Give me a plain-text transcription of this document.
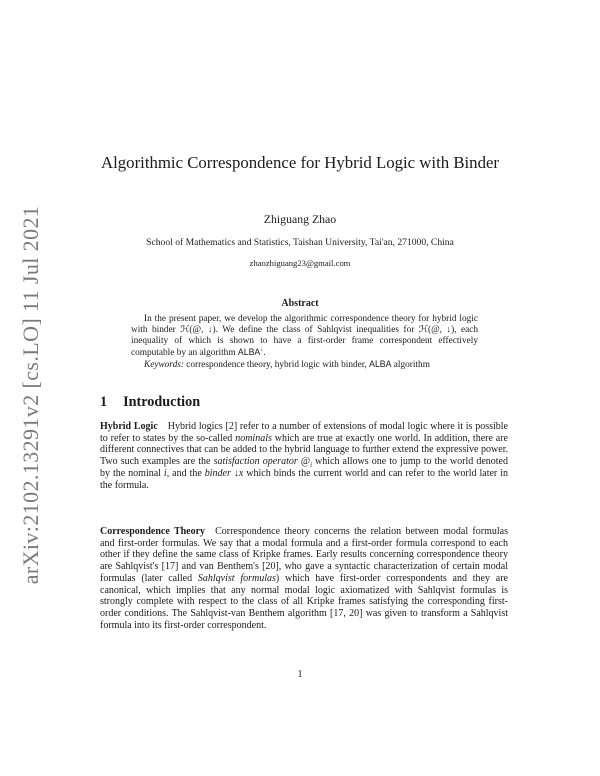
arXiv:2102.13291v2 [cs.LO] 11 Jul 2021
Algorithmic Correspondence for Hybrid Logic with Binder
Zhiguang Zhao
School of Mathematics and Statistics, Taishan University, Tai'an, 271000, China
zhaozhiguang23@gmail.com
Abstract

In the present paper, we develop the algorithmic correspondence theory for hybrid logic with binder ℋ(@, ↓). We define the class of Sahlqvist inequalities for ℋ(@, ↓), each inequality of which is shown to have a first-order frame correspondent effectively computable by an algorithm ALBA↓.

Keywords: correspondence theory, hybrid logic with binder, ALBA algorithm

1 Introduction
Hybrid Logic Hybrid logics [2] refer to a number of extensions of modal logic where it is possible to refer to states by the so-called nominals which are true at exactly one world. In addition, there are different connectives that can be added to the hybrid language to further extend the expressive power. Two such examples are the satisfaction operator $@_i$ which allows one to jump to the world denoted by the nominal i, and the binder ↓x which binds the current world and can refer to the world later in the formula.
Correspondence Theory Correspondence theory concerns the relation between modal formulas and first-order formulas. We say that a modal formula and a first-order formula correspond to each other if they define the same class of Kripke frames. Early results concerning correspondence theory are Sahlqvist's [17] and van Benthem's [20], who gave a syntactic characterization of certain modal formulas (later called Sahlqvist formulas) which have first-order correspondents and they are canonical, which implies that any normal modal logic axiomatized with Sahlqvist formulas is strongly complete with respect to the class of all Kripke frames satisfying the corresponding first-order conditions. The Sahlqvist-van Benthem algorithm [17, 20] was given to transform a Sahlqvist formula into its first-order correspondent.
1
